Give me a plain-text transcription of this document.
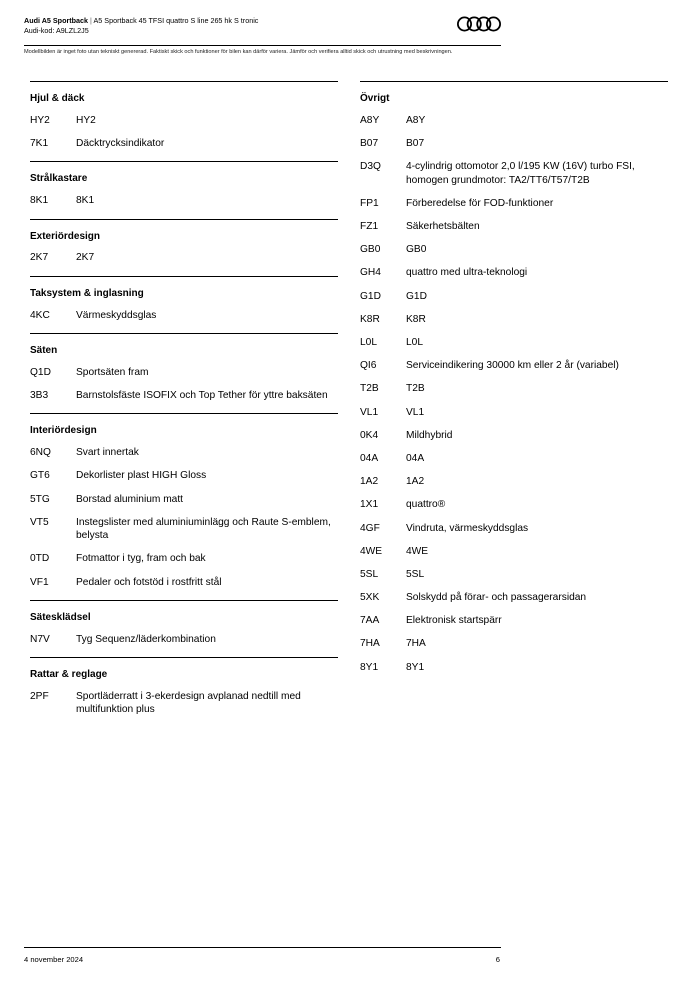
Audi A5 Sportback | A5 Sportback 45 TFSI quattro S line 265 hk S tronic
Audi-kod: A9LZL2J5
Modellbilden är inget foto utan tekniskt genererad. Faktiskt skick och funktioner för bilen kan därför variera. Jämför och verifiera alltid skick och utrustning med beskrivningen.
Hjul & däck
HY2	HY2
7K1	Däcktrycksindikator
Strålkastare
8K1	8K1
Exteriördesign
2K7	2K7
Taksystem & inglasning
4KC	Värmeskyddsglas
Säten
Q1D	Sportsäten fram
3B3	Barnstolsfäste ISOFIX och Top Tether för yttre baksäten
Interiördesign
6NQ	Svart innertak
GT6	Dekorlister plast HIGH Gloss
5TG	Borstad aluminium matt
VT5	Instegslister med aluminiuminlägg och Raute S-emblem, belysta
0TD	Fotmattor i tyg, fram och bak
VF1	Pedaler och fotstöd i rostfritt stål
Sätesklädsel
N7V	Tyg Sequenz/läderkombination
Rattar & reglage
2PF	Sportläderratt i 3-ekerdesign avplanad nedtill med multifunktion plus
Övrigt
A8Y	A8Y
B07	B07
D3Q	4-cylindrig ottomotor 2,0 l/195 KW (16V) turbo FSI, homogen grundmotor: TA2/TT6/T57/T2B
FP1	Förberedelse för FOD-funktioner
FZ1	Säkerhetsbälten
GB0	GB0
GH4	quattro med ultra-teknologi
G1D	G1D
K8R	K8R
L0L	L0L
QI6	Serviceindikering 30000 km eller 2 år (variabel)
T2B	T2B
VL1	VL1
0K4	Mildhybrid
04A	04A
1A2	1A2
1X1	quattro®
4GF	Vindruta, värmeskyddsglas
4WE	4WE
5SL	5SL
5XK	Solskydd på förar- och passagerarsidan
7AA	Elektronisk startspärr
7HA	7HA
8Y1	8Y1
4 november 2024	6
